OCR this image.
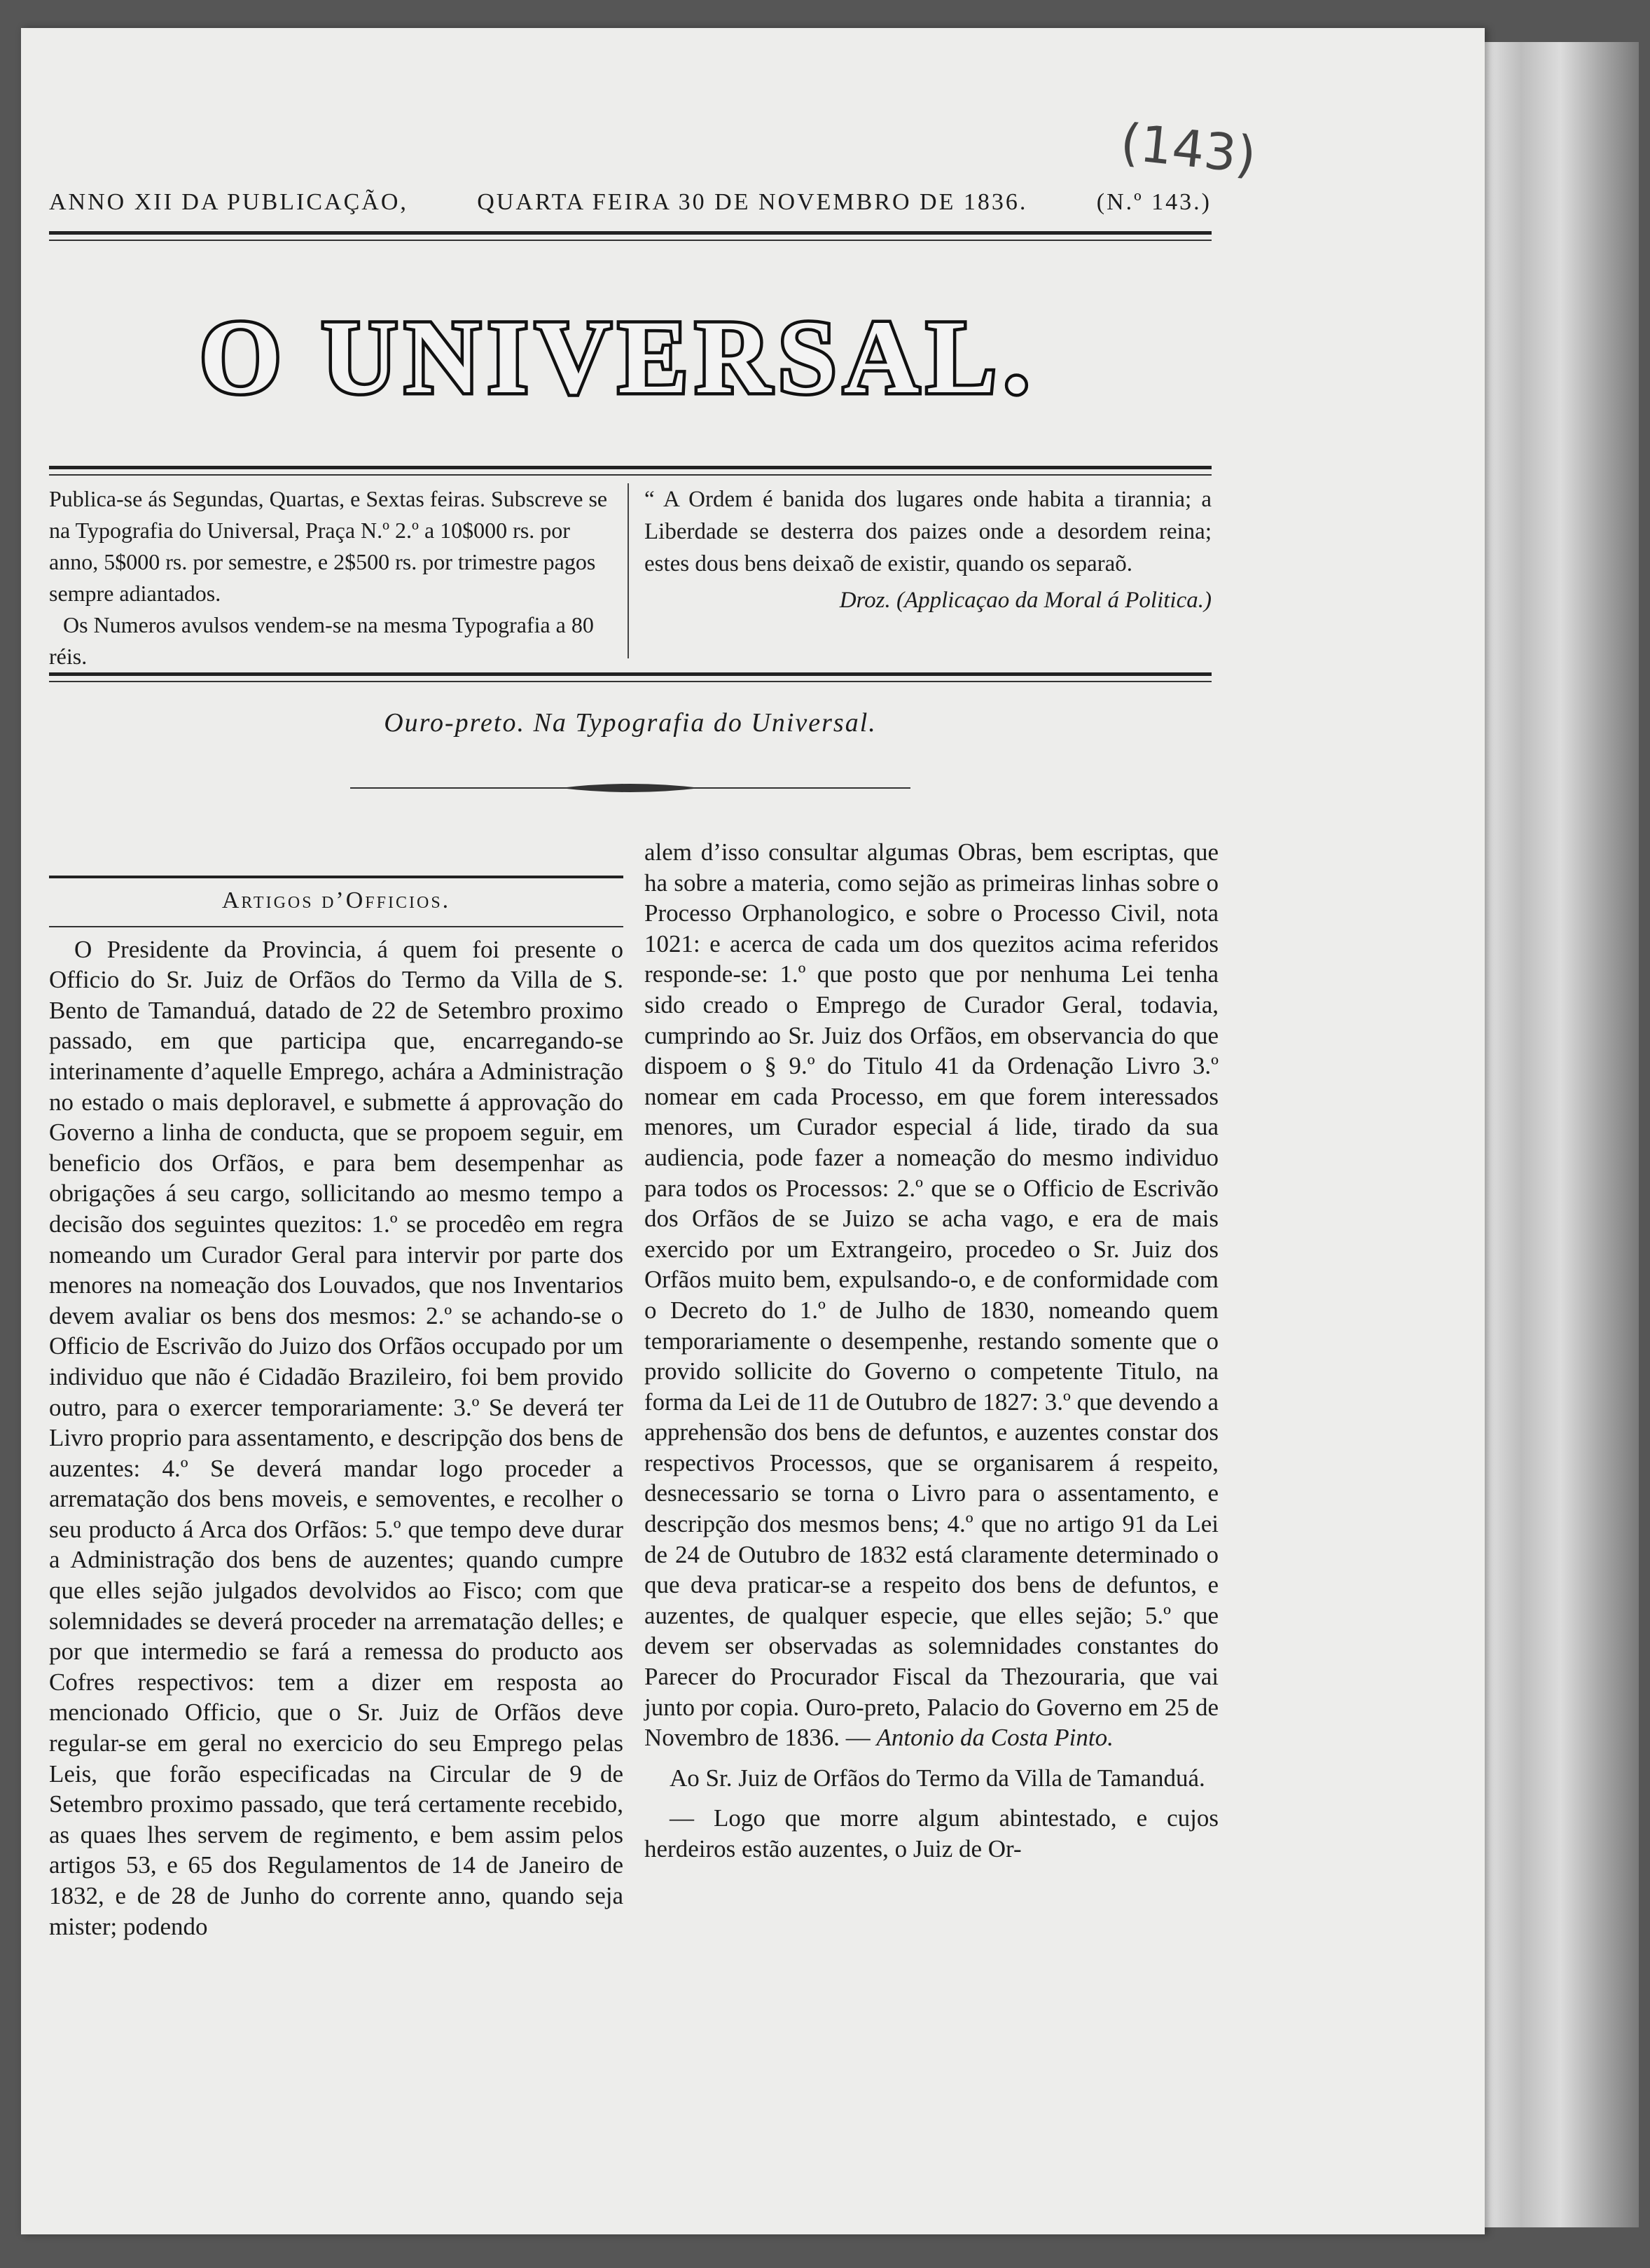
(143)
ANNO XII DA PUBLICAÇÃO,	QUARTA FEIRA 30 DE NOVEMBRO DE 1836.	(N.º 143.)
O UNIVERSAL.
Publica-se ás Segundas, Quartas, e Sextas feiras. Subscreve se na Typografia do Universal, Praça N.º 2.º a 10$000 rs. por anno, 5$000 rs. por semestre, e 2$500 rs. por trimestre pagos sempre adiantados.
Os Numeros avulsos vendem-se na mesma Typografia a 80 réis.

“ A Ordem é banida dos lugares onde habita a tirannia; a Liberdade se desterra dos paizes onde a desordem reina; estes dous bens deixaõ de existir, quando os separaõ.

Droz. (Applicaçao da Moral á Politica.)
Ouro-preto. Na Typografia do Universal.
Artigos d’Officios.

O Presidente da Provincia, á quem foi presente o Officio do Sr. Juiz de Orfãos do Termo da Villa de S. Bento de Tamanduá, datado de 22 de Setembro proximo passado, em que participa que, encarregando-se interinamente d’aquelle Emprego, achára a Administração no estado o mais deploravel, e submette á approvação do Governo a linha de conducta, que se propoem seguir, em beneficio dos Orfãos, e para bem desempenhar as obrigações á seu cargo, sollicitando ao mesmo tempo a decisão dos seguintes quezitos: 1.º se procedêo em regra nomeando um Curador Geral para intervir por parte dos menores na nomeação dos Louvados, que nos Inventarios devem avaliar os bens dos mesmos: 2.º se achando-se o Officio de Escrivão do Juizo dos Orfãos occupado por um individuo que não é Cidadão Brazileiro, foi bem provido outro, para o exercer temporariamente: 3.º Se deverá ter Livro proprio para assentamento, e descripção dos bens de auzentes: 4.º Se deverá mandar logo proceder a arrematação dos bens moveis, e semoventes, e recolher o seu producto á Arca dos Orfãos: 5.º que tempo deve durar a Administração dos bens de auzentes; quando cumpre que elles sejão julgados devolvidos ao Fisco; com que solemnidades se deverá proceder na arrematação delles; e por que intermedio se fará a remessa do producto aos Cofres respectivos: tem a dizer em resposta ao mencionado Officio, que o Sr. Juiz de Orfãos deve regular-se em geral no exercicio do seu Emprego pelas Leis, que forão especificadas na Circular de 9 de Setembro proximo passado, que terá certamente recebido, as quaes lhes servem de regimento, e bem assim pelos artigos 53, e 65 dos Regulamentos de 14 de Janeiro de 1832, e de 28 de Junho do corrente anno, quando seja mister; podendo

alem d’isso consultar algumas Obras, bem escriptas, que ha sobre a materia, como sejão as primeiras linhas sobre o Processo Orphanologico, e sobre o Processo Civil, nota 1021: e acerca de cada um dos quezitos acima referidos responde-se: 1.º que posto que por nenhuma Lei tenha sido creado o Emprego de Curador Geral, todavia, cumprindo ao Sr. Juiz dos Orfãos, em observancia do que dispoem o § 9.º do Titulo 41 da Ordenação Livro 3.º nomear em cada Processo, em que forem interessados menores, um Curador especial á lide, tirado da sua audiencia, pode fazer a nomeação do mesmo individuo para todos os Processos: 2.º que se o Officio de Escrivão dos Orfãos de se Juizo se acha vago, e era de mais exercido por um Extrangeiro, procedeo o Sr. Juiz dos Orfãos muito bem, expulsando-o, e de conformidade com o Decreto do 1.º de Julho de 1830, nomeando quem temporariamente o desempenhe, restando somente que o provido sollicite do Governo o competente Titulo, na forma da Lei de 11 de Outubro de 1827: 3.º que devendo a apprehensão dos bens de defuntos, e auzentes constar dos respectivos Processos, que se organisarem á respeito, desnecessario se torna o Livro para o assentamento, e descripção dos mesmos bens; 4.º que no artigo 91 da Lei de 24 de Outubro de 1832 está claramente determinado o que deva praticar-se a respeito dos bens de defuntos, e auzentes, de qualquer especie, que elles sejão; 5.º que devem ser observadas as solemnidades constantes do Parecer do Procurador Fiscal da Thezouraria, que vai junto por copia. Ouro-preto, Palacio do Governo em 25 de Novembro de 1836. — Antonio da Costa Pinto.

Ao Sr. Juiz de Orfãos do Termo da Villa de Tamanduá.

— Logo que morre algum abintestado, e cujos herdeiros estão auzentes, o Juiz de Or-
